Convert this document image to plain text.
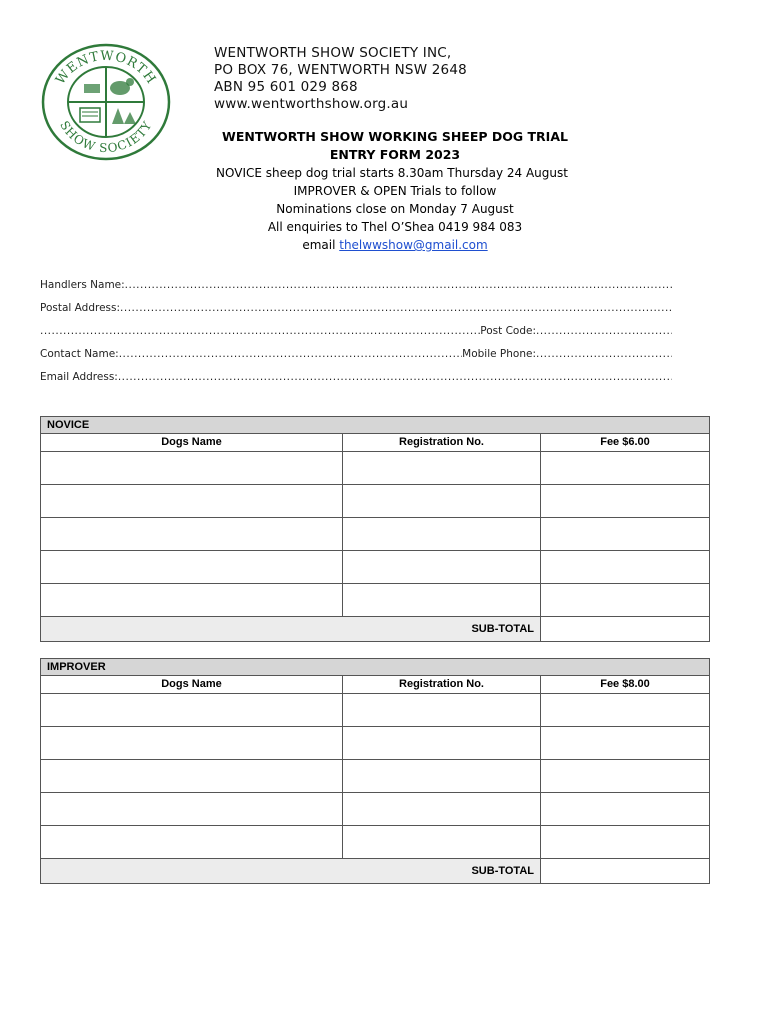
WENTWORTH
SHOW SOCIETY
WENTWORTH SHOW SOCIETY INC,
PO BOX 76, WENTWORTH NSW 2648
ABN 95 601 029 868
www.wentworthshow.org.au
WENTWORTH SHOW WORKING SHEEP DOG TRIAL
ENTRY FORM 2023
NOVICE sheep dog trial starts 8.30am Thursday 24 August
IMPROVER & OPEN Trials to follow
Nominations close on Monday 7 August
All enquiries to Thel O’Shea 0419 984 083
email thelwwshow@gmail.com
Handlers Name:
.....
Postal Address:
.....
.....
Post Code:
.....
Contact Name:
.....	Mobile Phone:
.....
Email Address:
.....
NOVICE
Dogs Name	Registration No.	Fee $6.00
SUB-TOTAL
IMPROVER
Dogs Name	Registration No.	Fee $8.00
SUB-TOTAL
